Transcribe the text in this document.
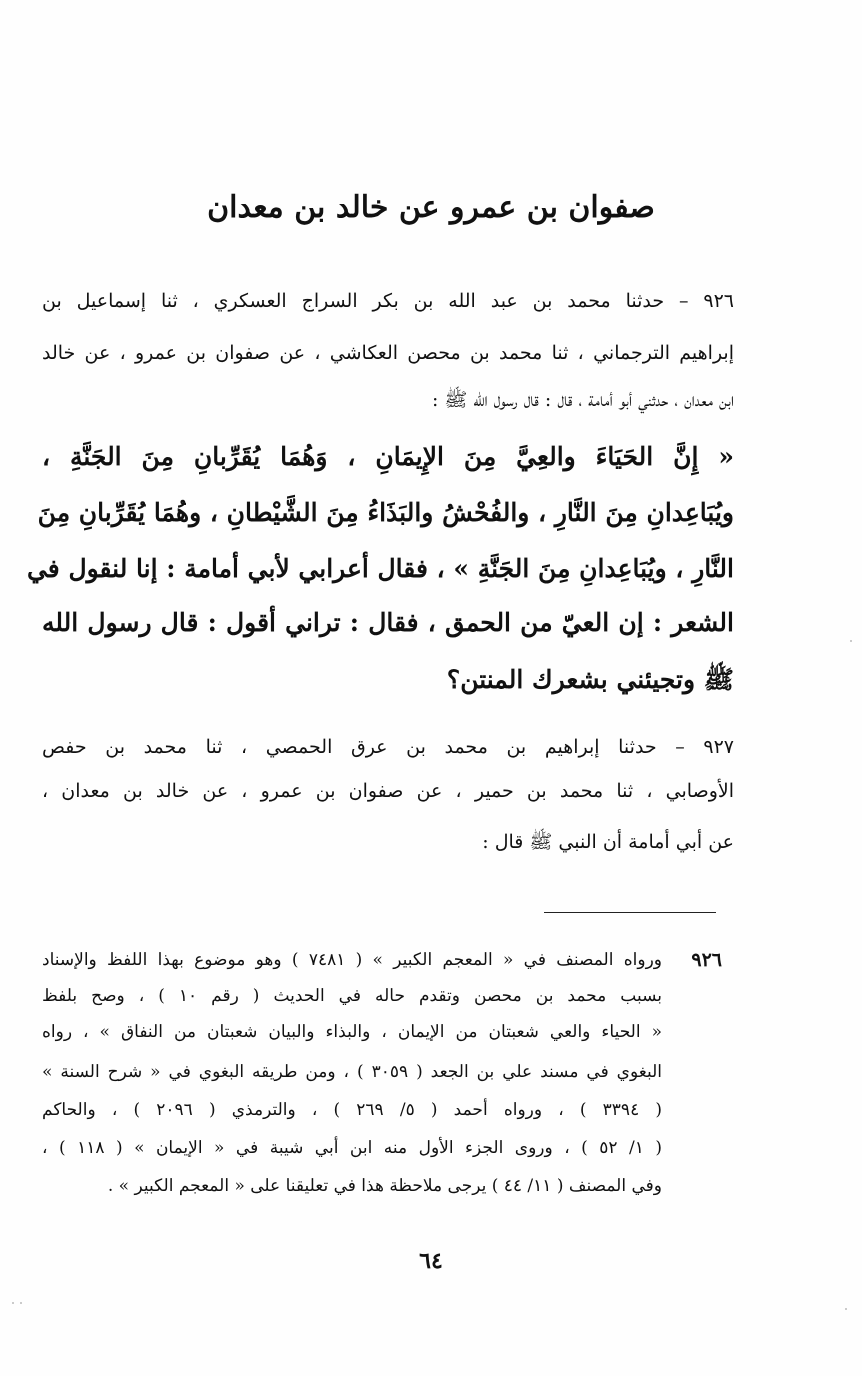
صفوان بن عمرو عن خالد بن معدان
٩٢٦ – حدثنا محمد بن عبد الله بن بكر السراج العسكري ، ثنا إسماعيل بن
إبراهيم الترجماني ، ثنا محمد بن محصن العكاشي ، عن صفوان بن عمرو ، عن خالد
ابن معدان ، حدثني أبو أمامة ، قال : قال رسول الله ﷺ :
« إِنَّ الحَيَاءَ والعِيَّ مِنَ الإِيمَانِ ، وَهُمَا يُقَرِّبانِ مِنَ الجَنَّةِ ،
ويُبَاعِدانِ مِنَ النَّارِ ، والفُحْشُ والبَذَاءُ مِنَ الشَّيْطانِ ، وهُمَا يُقَرِّبانِ مِنَ
النَّارِ ، ويُبَاعِدانِ مِنَ الجَنَّةِ » ، فقال أعرابي لأبي أمامة : إنا لنقول في
الشعر : إن العيّ من الحمق ، فقال : تراني أقول : قال رسول الله
ﷺ وتجيئني بشعرك المنتن؟
٩٢٧ – حدثنا إبراهيم بن محمد بن عرق الحمصي ، ثنا محمد بن حفص
الأوصابي ، ثنا محمد بن حمير ، عن صفوان بن عمرو ، عن خالد بن معدان ،
عن أبي أمامة أن النبي ﷺ قال :
٩٢٦
ورواه المصنف في « المعجم الكبير » ( ٧٤٨١ ) وهو موضوع بهذا اللفظ والإسناد
بسبب محمد بن محصن وتقدم حاله في الحديث ( رقم ١٠ ) ، وصح بلفظ
« الحياء والعي شعبتان من الإيمان ، والبذاء والبيان شعبتان من النفاق » ، رواه
البغوي في مسند علي بن الجعد ( ٣٠٥٩ ) ، ومن طريقه البغوي في « شرح السنة »
( ٣٣٩٤ ) ، ورواه أحمد ( ٥/ ٢٦٩ ) ، والترمذي ( ٢٠٩٦ ) ، والحاكم
( ١/ ٥٢ ) ، وروى الجزء الأول منه ابن أبي شيبة في « الإيمان » ( ١١٨ ) ،
وفي المصنف ( ١١/ ٤٤ ) يرجى ملاحظة هذا في تعليقنا على « المعجم الكبير » .
٦٤
